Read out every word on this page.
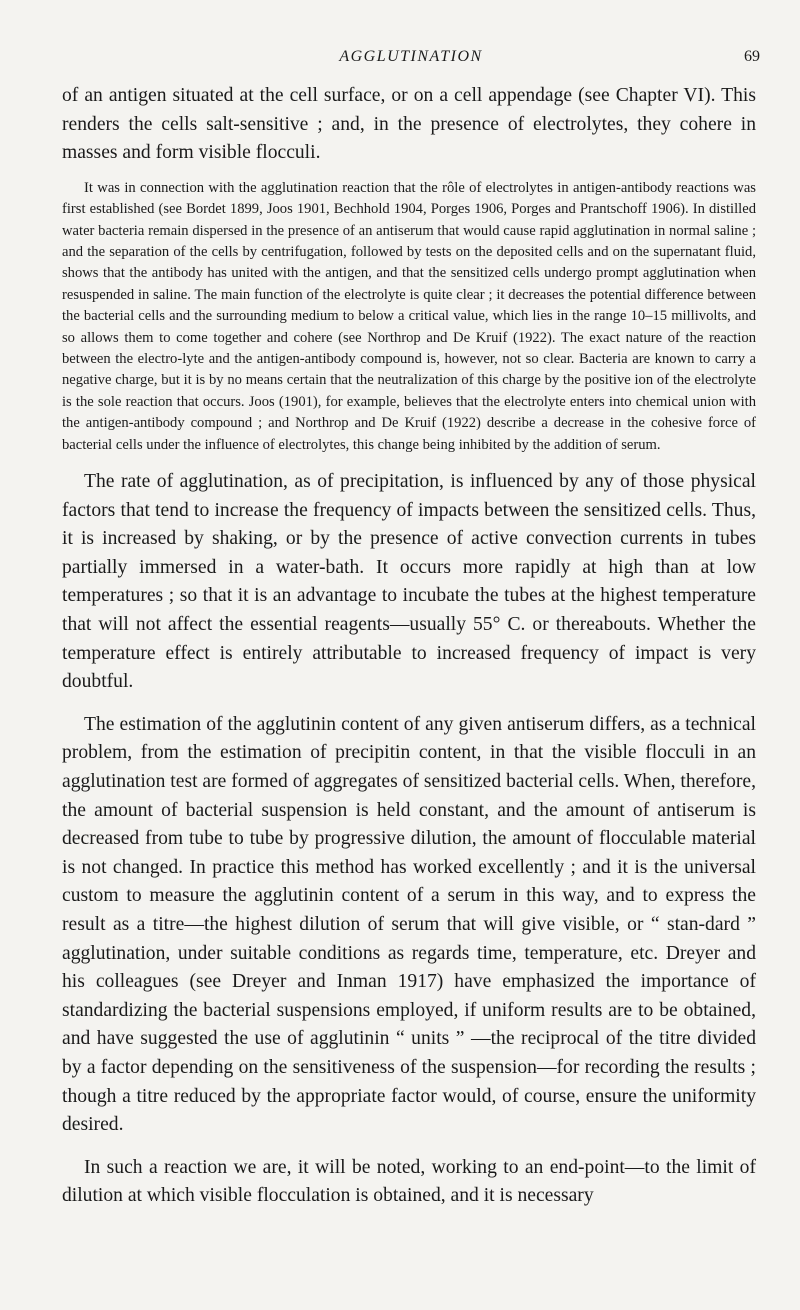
AGGLUTINATION	69

of an antigen situated at the cell surface, or on a cell appendage (see Chapter VI). This renders the cells salt-sensitive ; and, in the presence of electrolytes, they cohere in masses and form visible flocculi.

It was in connection with the agglutination reaction that the rôle of electrolytes in antigen-antibody reactions was first established (see Bordet 1899, Joos 1901, Bechhold 1904, Porges 1906, Porges and Prantschoff 1906). In distilled water bacteria remain dispersed in the presence of an antiserum that would cause rapid agglutination in normal saline ; and the separation of the cells by centrifugation, followed by tests on the deposited cells and on the supernatant fluid, shows that the antibody has united with the antigen, and that the sensitized cells undergo prompt agglutination when resuspended in saline. The main function of the electrolyte is quite clear ; it decreases the potential difference between the bacterial cells and the surrounding medium to below a critical value, which lies in the range 10–15 millivolts, and so allows them to come together and cohere (see Northrop and De Kruif (1922). The exact nature of the reaction between the electro-lyte and the antigen-antibody compound is, however, not so clear. Bacteria are known to carry a negative charge, but it is by no means certain that the neutralization of this charge by the positive ion of the electrolyte is the sole reaction that occurs. Joos (1901), for example, believes that the electrolyte enters into chemical union with the antigen-antibody compound ; and Northrop and De Kruif (1922) describe a decrease in the cohesive force of bacterial cells under the influence of electrolytes, this change being inhibited by the addition of serum.

The rate of agglutination, as of precipitation, is influenced by any of those physical factors that tend to increase the frequency of impacts between the sensitized cells. Thus, it is increased by shaking, or by the presence of active convection currents in tubes partially immersed in a water-bath. It occurs more rapidly at high than at low temperatures ; so that it is an advantage to incubate the tubes at the highest temperature that will not affect the essential reagents—usually 55° C. or thereabouts. Whether the temperature effect is entirely attributable to increased frequency of impact is very doubtful.

The estimation of the agglutinin content of any given antiserum differs, as a technical problem, from the estimation of precipitin content, in that the visible flocculi in an agglutination test are formed of aggregates of sensitized bacterial cells. When, therefore, the amount of bacterial suspension is held constant, and the amount of antiserum is decreased from tube to tube by progressive dilution, the amount of flocculable material is not changed. In practice this method has worked excellently ; and it is the universal custom to measure the agglutinin content of a serum in this way, and to express the result as a titre—the highest dilution of serum that will give visible, or “ stan-dard ” agglutination, under suitable conditions as regards time, temperature, etc. Dreyer and his colleagues (see Dreyer and Inman 1917) have emphasized the importance of standardizing the bacterial suspensions employed, if uniform results are to be obtained, and have suggested the use of agglutinin “ units ” —the reciprocal of the titre divided by a factor depending on the sensitiveness of the suspension—for recording the results ; though a titre reduced by the appropriate factor would, of course, ensure the uniformity desired.

In such a reaction we are, it will be noted, working to an end-point—to the limit of dilution at which visible flocculation is obtained, and it is necessary
